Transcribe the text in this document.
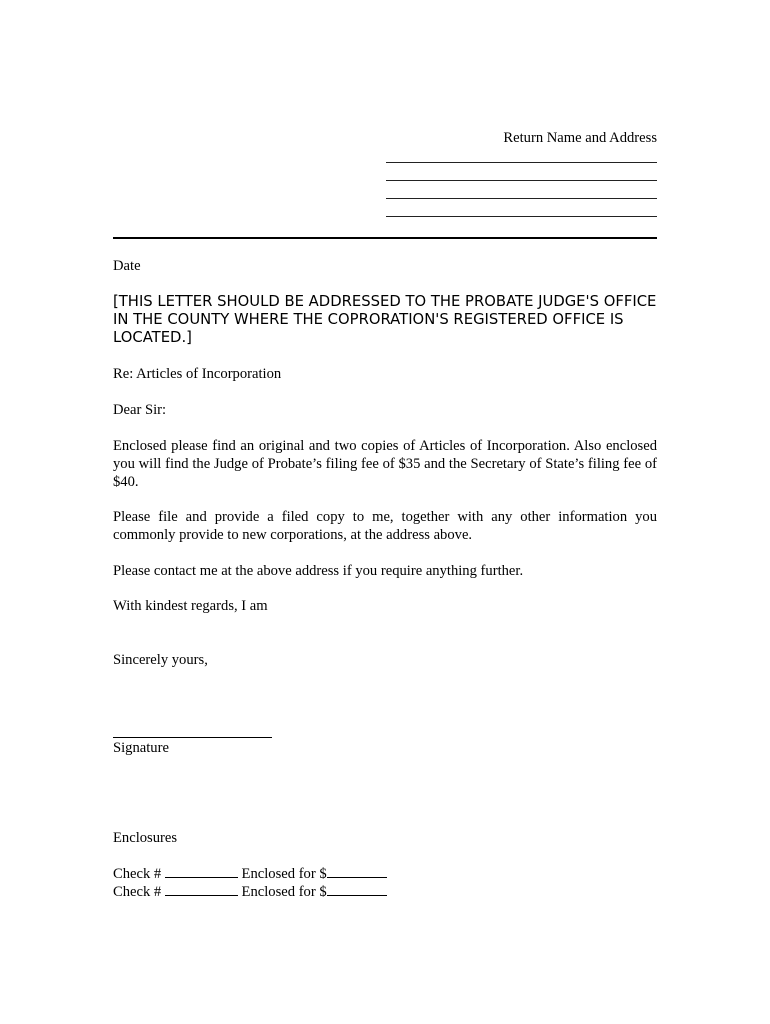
Return Name and Address
Date
[THIS LETTER SHOULD BE ADDRESSED TO THE PROBATE JUDGE'S OFFICE IN THE COUNTY WHERE THE COPRORATION'S REGISTERED OFFICE IS LOCATED.]
Re: Articles of Incorporation
Dear Sir:
Enclosed please find an original and two copies of Articles of Incorporation. Also enclosed you will find the Judge of Probate’s filing fee of $35 and the Secretary of State’s filing fee of $40.
Please file and provide a filed copy to me, together with any other information you commonly provide to new corporations, at the address above.
Please contact me at the above address if you require anything further.
With kindest regards, I am
Sincerely yours,
Signature
Enclosures
Check #	Enclosed for $
Check #	Enclosed for $
